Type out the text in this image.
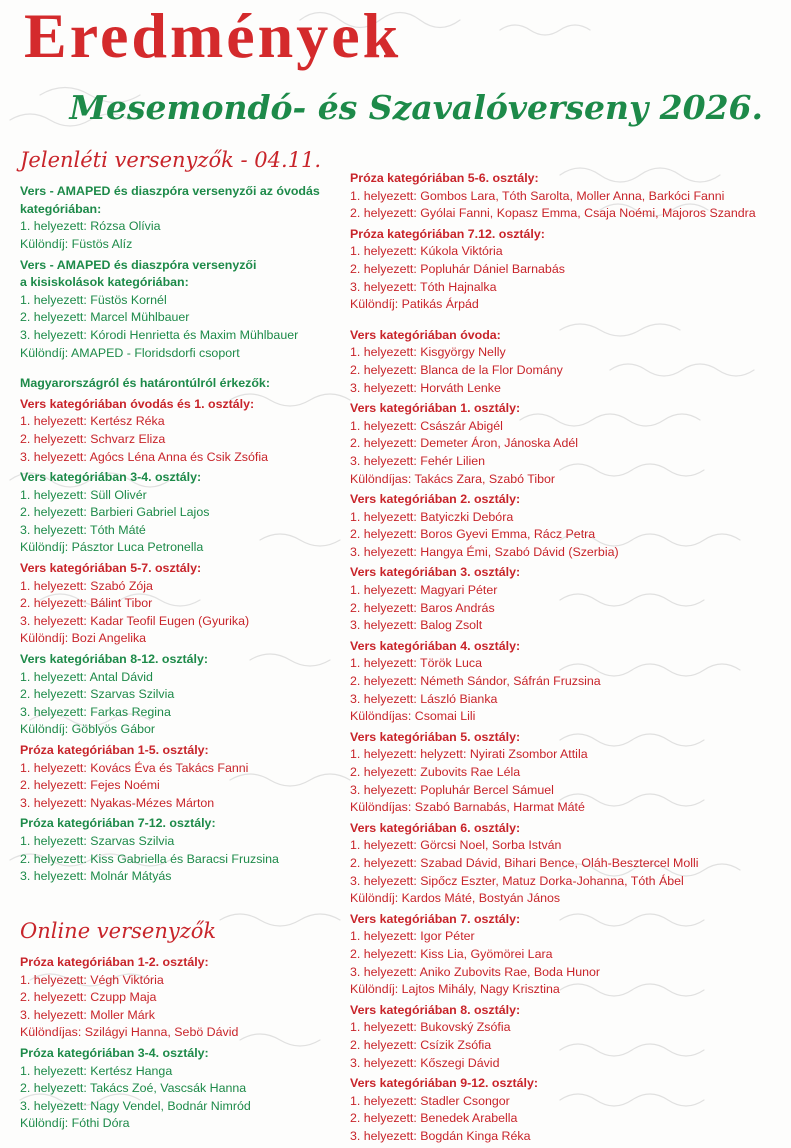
Eredmények
Mesemondó- és Szavalóverseny 2026.
Jelenléti versenyzők - 04.11.
Vers - AMAPED és diaszpóra versenyzői az óvodás
kategóriában:
1. helyezett: Rózsa Olívia
Különdíj: Füstös Alíz
Vers - AMAPED és diaszpóra versenyzői
a kisiskolások kategóriában:
1. helyezett: Füstös Kornél
2. helyezett: Marcel Mühlbauer
3. helyezett: Kórodi Henrietta és Maxim Mühlbauer
Különdíj: AMAPED - Floridsdorfi csoport
Magyarországról és határontúlról érkezők:
Vers kategóriában óvodás és 1. osztály:
1. helyezett: Kertész Réka
2. helyezett: Schvarz Eliza
3. helyezett: Agócs Léna Anna és Csik Zsófia
Vers kategóriában 3-4. osztály:
1. helyezett: Süll Olivér
2. helyezett: Barbieri Gabriel Lajos
3. helyezett: Tóth Máté
Különdíj: Pásztor Luca Petronella
Vers kategóriában 5-7. osztály:
1. helyezett: Szabó Zója
2. helyezett: Bálint Tibor
3. helyezett: Kadar Teofil Eugen (Gyurika)
Különdíj: Bozi Angelika
Vers kategóriában 8-12. osztály:
1. helyezett: Antal Dávid
2. helyezett: Szarvas Szilvia
3. helyezett: Farkas Regina
Különdíj: Göblyös Gábor
Próza kategóriában 1-5. osztály:
1. helyezett: Kovács Éva és Takács Fanni
2. helyezett: Fejes Noémi
3. helyezett: Nyakas-Mézes Márton
Próza kategóriában 7-12. osztály:
1. helyezett: Szarvas Szilvia
2. helyezett: Kiss Gabriella és Baracsi Fruzsina
3. helyezett: Molnár Mátyás
Online versenyzők
Próza kategóriában 1-2. osztály:
1. helyezett: Végh Viktória
2. helyezett: Czupp Maja
3. helyezett: Moller Márk
Különdíjas: Szilágyi Hanna, Sebö Dávid
Próza kategóriában 3-4. osztály:
1. helyezett: Kertész Hanga
2. helyezett: Takács Zoé, Vascsák Hanna
3. helyezett: Nagy Vendel, Bodnár Nimród
Különdíj: Fóthi Dóra
Próza kategóriában 5-6. osztály:
1. helyezett: Gombos Lara, Tóth Sarolta, Moller Anna, Barkóci Fanni
2. helyezett: Gyólai Fanni, Kopasz Emma, Csaja Noémi, Majoros Szandra
Próza kategóriában 7.12. osztály:
1. helyezett: Kúkola Viktória
2. helyezett: Popluhár Dániel Barnabás
3. helyezett: Tóth Hajnalka
Különdíj: Patikás Árpád
Vers kategóriában óvoda:
1. helyezett: Kisgyörgy Nelly
2. helyezett: Blanca de la Flor Domány
3. helyezett: Horváth Lenke
Vers kategóriában 1. osztály:
1. helyezett: Császár Abigél
2. helyezett: Demeter Áron, Jánoska Adél
3. helyezett: Fehér Lilien
Különdíjas: Takács Zara, Szabó Tibor
Vers kategóriában 2. osztály:
1. helyezett: Batyiczki Debóra
2. helyezett: Boros Gyevi Emma, Rácz Petra
3. helyezett: Hangya Émi, Szabó Dávid (Szerbia)
Vers kategóriában 3. osztály:
1. helyezett: Magyari Péter
2. helyezett: Baros András
3. helyezett: Balog Zsolt
Vers kategóriában 4. osztály:
1. helyezett: Török Luca
2. helyezett: Németh Sándor, Sáfrán Fruzsina
3. helyezett: László Bianka
Különdíjas: Csomai Lili
Vers kategóriában 5. osztály:
1. helyezett: helyzett: Nyirati Zsombor Attila
2. helyezett: Zubovits Rae Léla
3. helyezett: Popluhár Bercel Sámuel
Különdíjas: Szabó Barnabás, Harmat Máté
Vers kategóriában 6. osztály:
1. helyezett: Görcsi Noel, Sorba István
2. helyezett: Szabad Dávid, Bihari Bence, Oláh-Besztercel Molli
3. helyezett: Sipőcz Eszter, Matuz Dorka-Johanna, Tóth Ábel
Különdíj: Kardos Máté, Bostyán János
Vers kategóriában 7. osztály:
1. helyezett: Igor Péter
2. helyezett: Kiss Lia, Gyömörei Lara
3. helyezett: Aniko Zubovits Rae, Boda Hunor
Különdíj: Lajtos Mihály, Nagy Krisztina
Vers kategóriában 8. osztály:
1. helyezett: Bukovský Zsófia
2. helyezett: Csízik Zsófia
3. helyezett: Kőszegi Dávid
Vers kategóriában 9-12. osztály:
1. helyezett: Stadler Csongor
2. helyezett: Benedek Arabella
3. helyezett: Bogdán Kinga Réka
